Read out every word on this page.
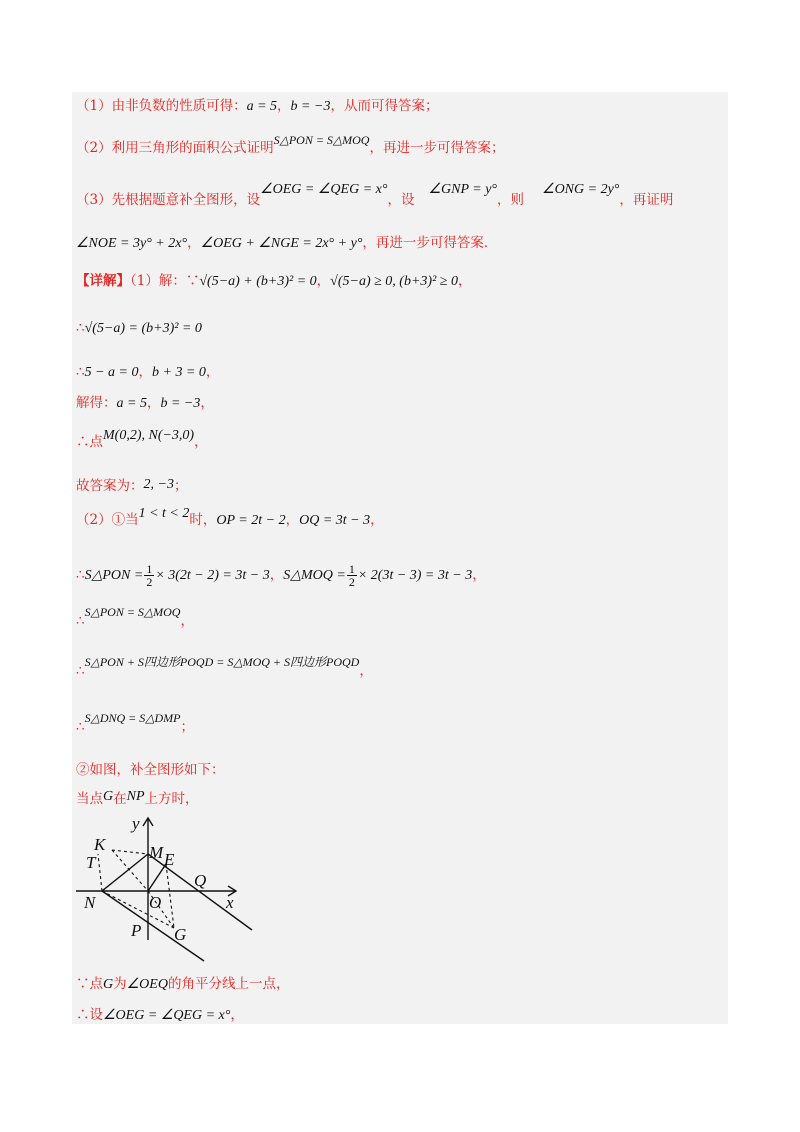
（1）由非负数的性质可得：a = 5，b = −3，从而可得答案；
（2）利用三角形的面积公式证明S△PON = S△MOQ，再进一步可得答案；
（3）先根据题意补全图形，设∠OEG = ∠QEG = x°，设∠GNP = y°，则∠ONG = 2y°，再证明
∠NOE = 3y° + 2x°，∠OEG + ∠NGE = 2x° + y°，再进一步可得答案．
【详解】（1）解：∵√(5−a) + (b+3)² = 0，√(5−a) ≥ 0, (b+3)² ≥ 0，
∴√(5−a) = (b+3)² = 0
∴5 − a = 0，b + 3 = 0，
解得：a = 5，b = −3，
∴点M(0,2), N(−3,0)，
故答案为：2, −3；
（2）①当1 < t < 2时，OP = 2t − 2，OQ = 3t − 3，
∴S△PON = $\frac{1}{2} \times 3(2t - 2) = 3t - 3$，S△MOQ = $\frac{1}{2} \times 2(3t - 3) = 3t - 3$，
∴S△PON = S△MOQ，
∴S△PON + S四边形POQD = S△MOQ + S四边形POQD，
∴S△DNQ = S△DMP；
②如图，补全图形如下：
当点G在NP上方时，
y
x
K
T
M E
Q
N	O
P G
∵点G为∠OEQ的角平分线上一点，
∴设∠OEG = ∠QEG = x°，
